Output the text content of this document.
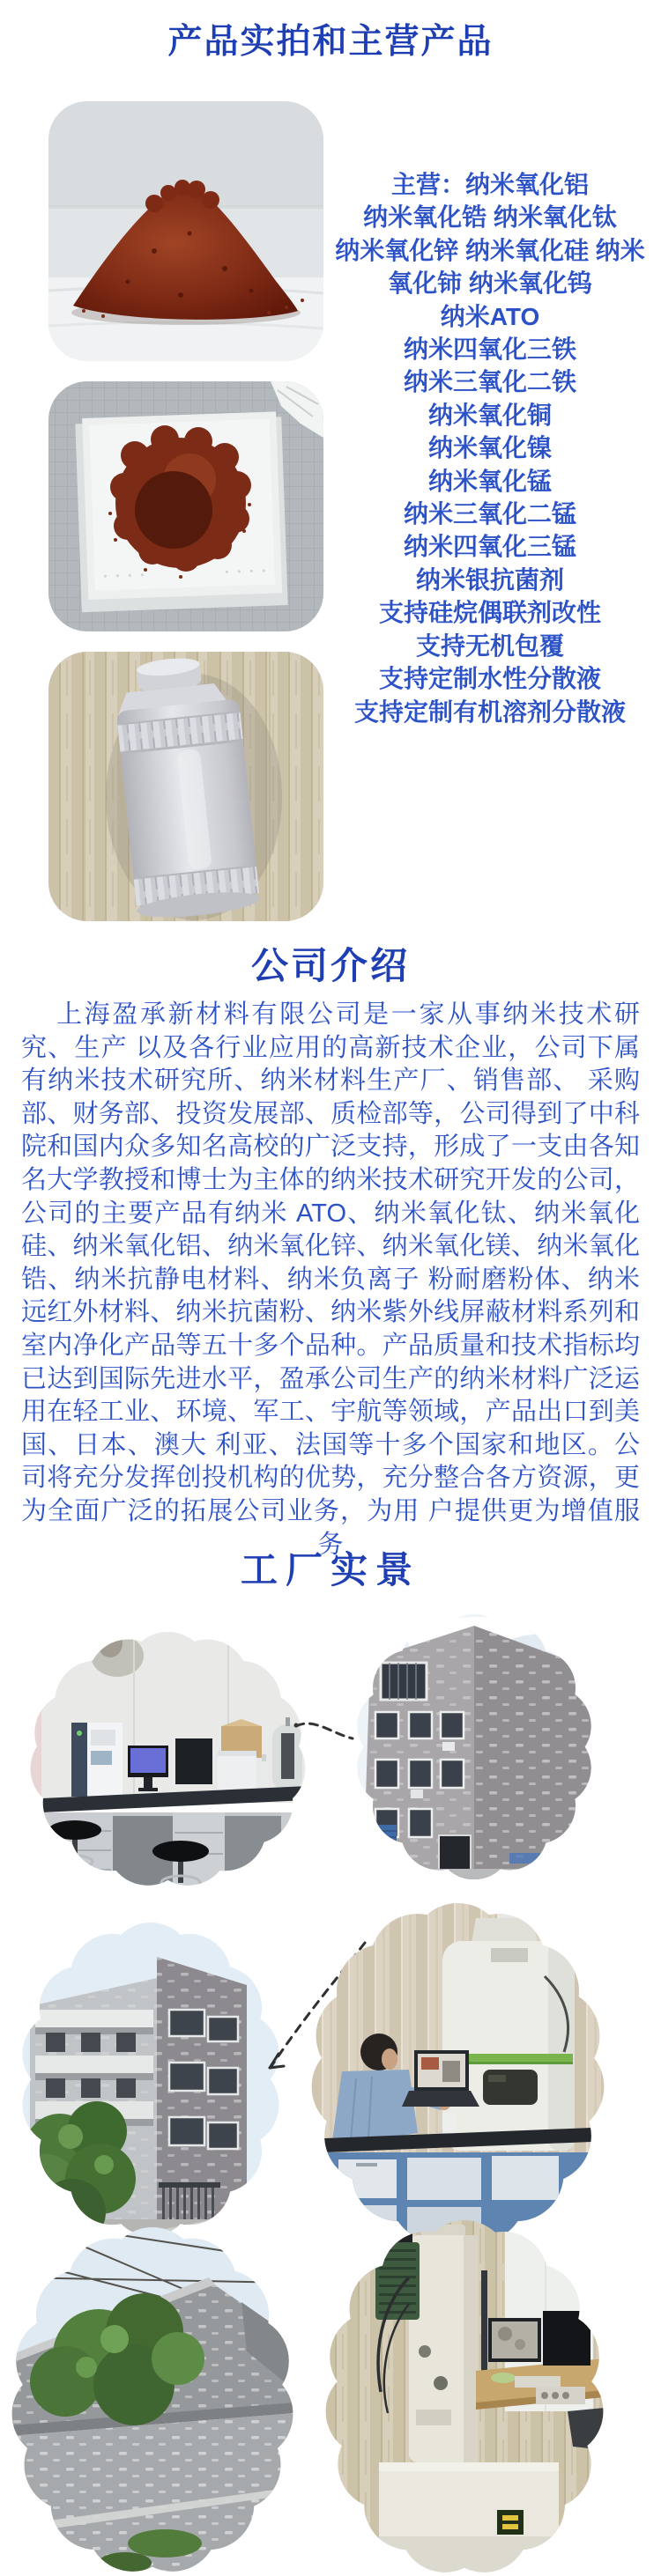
产品实拍和主营产品
主营：纳米氧化铝
纳米氧化锆 纳米氧化钛
纳米氧化锌 纳米氧化硅 纳米
氧化铈 纳米氧化钨
纳米ATO
纳米四氧化三铁
纳米三氧化二铁
纳米氧化铜
纳米氧化镍
纳米氧化锰
纳米三氧化二锰
纳米四氧化三锰
纳米银抗菌剂
支持硅烷偶联剂改性
支持无机包覆
支持定制水性分散液
支持定制有机溶剂分散液
公司介绍

上海盈承新材料有限公司是一家从事纳米技术研究、生产 以及各行业应用的高新技术企业，公司下属有纳米技术研究所、纳米材料生产厂、销售部、 采购部、财务部、投资发展部、质检部等，公司得到了中科院和国内众多知名高校的广泛支持，形成了一支由各知名大学教授和博士为主体的纳米技术研究开发的公司，公司的主要产品有纳米 ATO、纳米氧化钛、纳米氧化硅、纳米氧化铝、纳米氧化锌、纳米氧化镁、纳米氧化锆、纳米抗静电材料、纳米负离子 粉耐磨粉体、纳米远红外材料、纳米抗菌粉、纳米紫外线屏蔽材料系列和室内净化产品等五十多个品种。产品质量和技术指标均已达到国际先进水平，盈承公司生产的纳米材料广泛运用在轻工业、环境、军工、宇航等领域，产品出口到美国、日本、澳大 利亚、法国等十多个国家和地区。公司将充分发挥创投机构的优势，充分整合各方资源，更为全面广泛的拓展公司业务，为用 户提供更为增值服务

工厂实景
